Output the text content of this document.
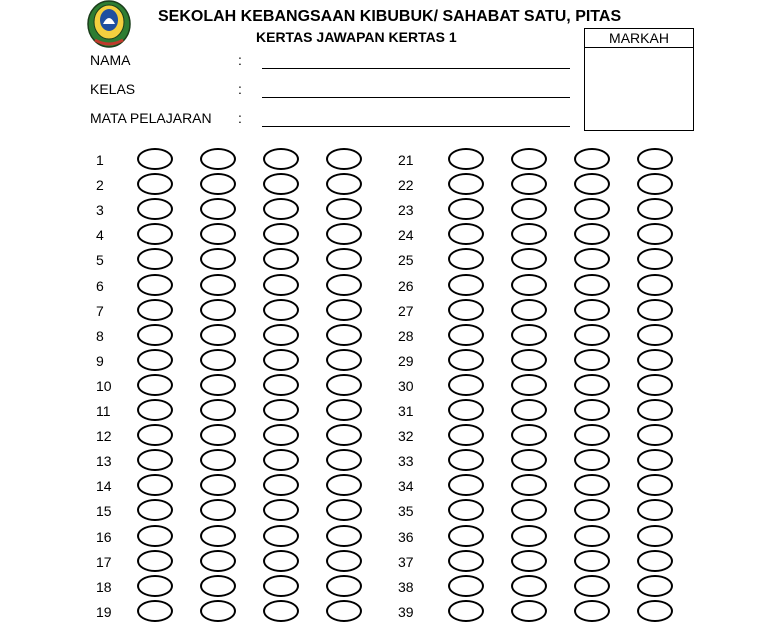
SEKOLAH KEBANGSAAN KIBUBUK/ SAHABAT SATU, PITAS
KERTAS JAWAPAN KERTAS 1	MARKAH
NAMA	:
KELAS	:
MATA PELAJARAN :
1
2
3
4
5
6
7
8
9
10
11
12
13
14
15
16
17
18
19
21
22
23
24
25
26
27
28
29
30
31
32
33
34
35
36
37
38
39
